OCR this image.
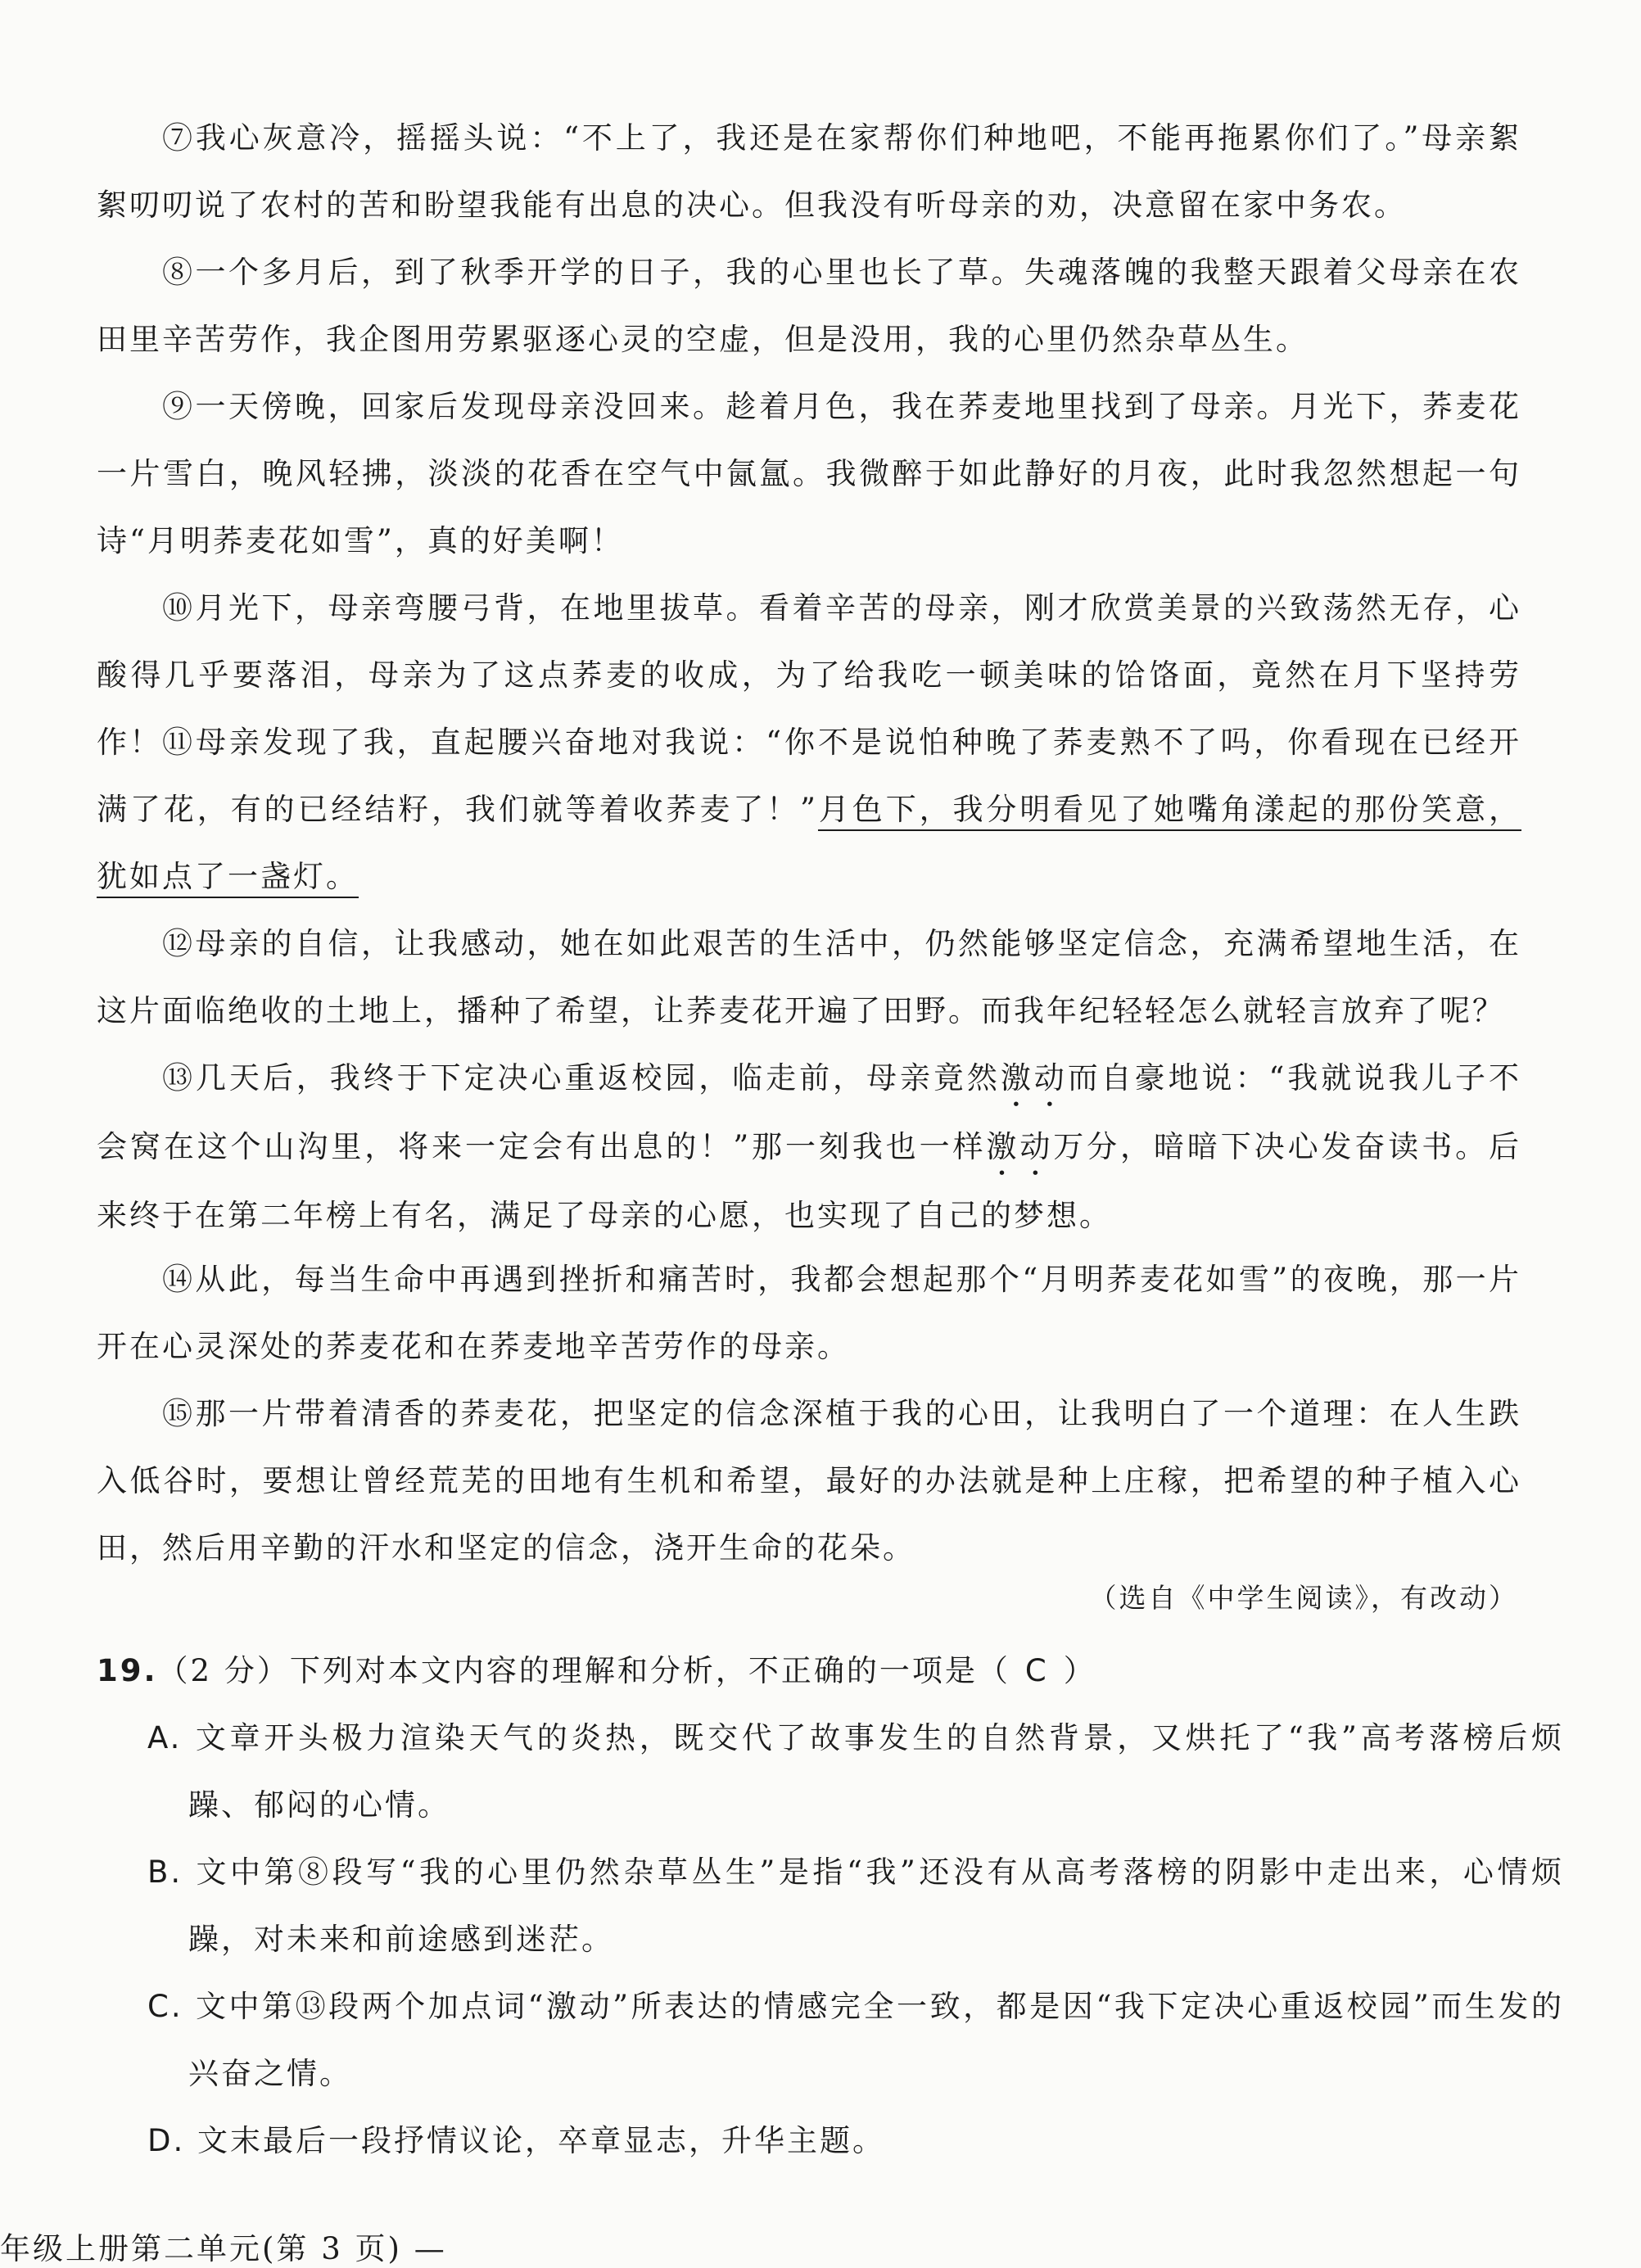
⑦我心灰意冷，摇摇头说：“不上了，我还是在家帮你们种地吧，不能再拖累你们了。”母亲絮絮叨叨说了农村的苦和盼望我能有出息的决心。但我没有听母亲的劝，决意留在家中务农。

⑧一个多月后，到了秋季开学的日子，我的心里也长了草。失魂落魄的我整天跟着父母亲在农田里辛苦劳作，我企图用劳累驱逐心灵的空虚，但是没用，我的心里仍然杂草丛生。

⑨一天傍晚，回家后发现母亲没回来。趁着月色，我在荞麦地里找到了母亲。月光下，荞麦花一片雪白，晚风轻拂，淡淡的花香在空气中氤氲。我微醉于如此静好的月夜，此时我忽然想起一句诗“月明荞麦花如雪”，真的好美啊！

⑩月光下，母亲弯腰弓背，在地里拔草。看着辛苦的母亲，刚才欣赏美景的兴致荡然无存，心酸得几乎要落泪，母亲为了这点荞麦的收成，为了给我吃一顿美味的饸饹面，竟然在月下坚持劳作！ ⑪母亲发现了我，直起腰兴奋地对我说：“你不是说怕种晚了荞麦熟不了吗，你看现在已经开满了花，有的已经结籽，我们就等着收荞麦了！”月色下，我分明看见了她嘴角漾起的那份笑意，犹如点了一盏灯。

⑫母亲的自信，让我感动，她在如此艰苦的生活中，仍然能够坚定信念，充满希望地生活，在这片面临绝收的土地上，播种了希望，让荞麦花开遍了田野。而我年纪轻轻怎么就轻言放弃了呢？

⑬几天后，我终于下定决心重返校园，临走前，母亲竟然激动而自豪地说：“我就说我儿子不会窝在这个山沟里，将来一定会有出息的！”那一刻我也一样激动万分，暗暗下决心发奋读书。后来终于在第二年榜上有名，满足了母亲的心愿，也实现了自己的梦想。

⑭从此，每当生命中再遇到挫折和痛苦时，我都会想起那个“月明荞麦花如雪”的夜晚，那一片开在心灵深处的荞麦花和在荞麦地辛苦劳作的母亲。

⑮那一片带着清香的荞麦花，把坚定的信念深植于我的心田，让我明白了一个道理：在人生跌入低谷时，要想让曾经荒芜的田地有生机和希望，最好的办法就是种上庄稼，把希望的种子植入心田，然后用辛勤的汗水和坚定的信念，浇开生命的花朵。

（选自《中学生阅读》，有改动）

19.（2 分）下列对本文内容的理解和分析，不正确的一项是（ C ）

A. 文章开头极力渲染天气的炎热，既交代了故事发生的自然背景，又烘托了“我”高考落榜后烦躁、郁闷的心情。

B. 文中第⑧段写“我的心里仍然杂草丛生”是指“我”还没有从高考落榜的阴影中走出来，心情烦躁，对未来和前途感到迷茫。

C. 文中第⑬段两个加点词“激动”所表达的情感完全一致，都是因“我下定决心重返校园”而生发的兴奋之情。

D. 文末最后一段抒情议论，卒章显志，升华主题。

年级上册第二单元(第 3 页) —
